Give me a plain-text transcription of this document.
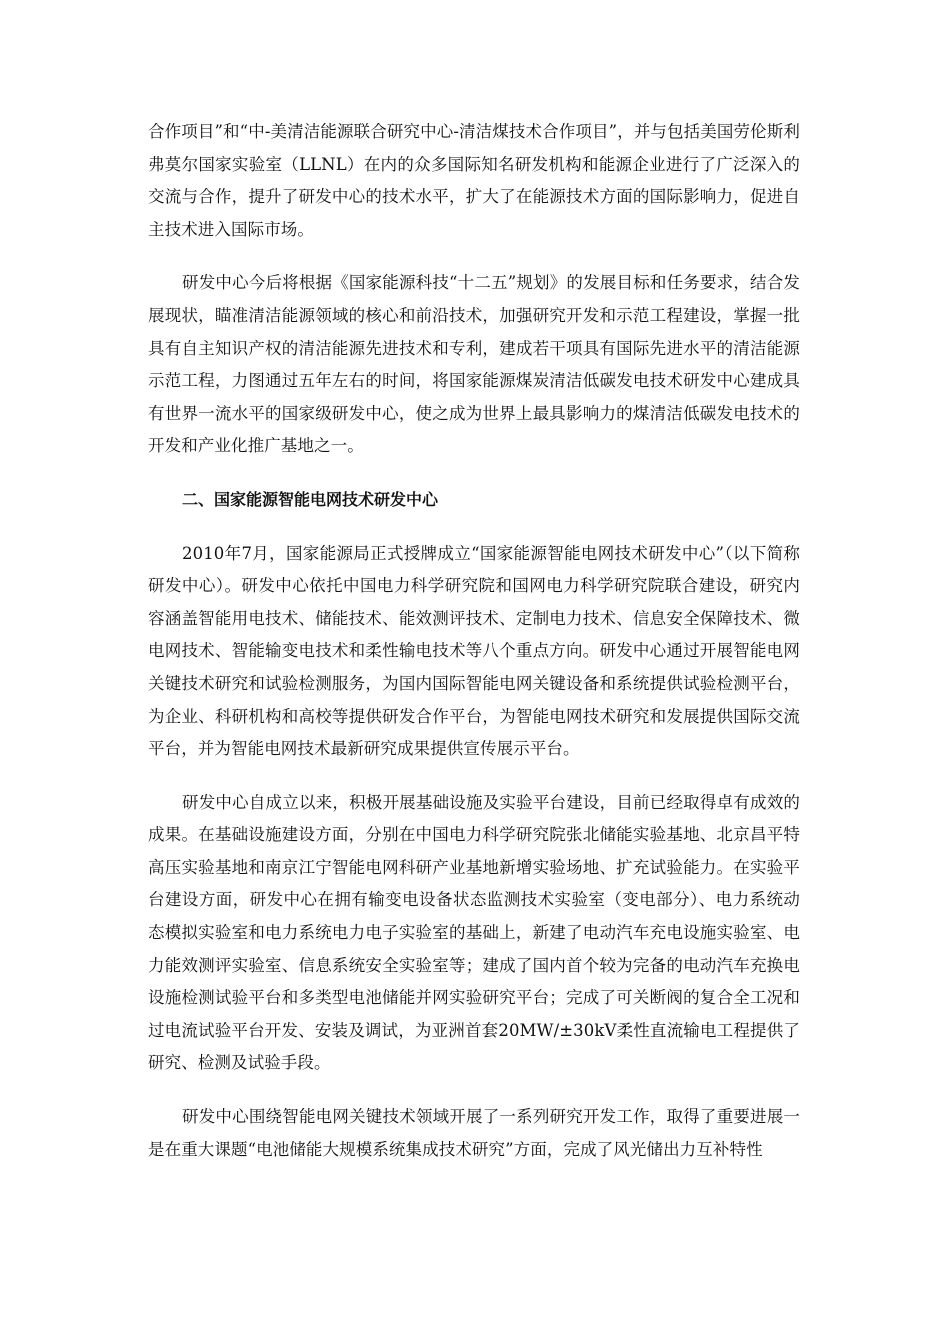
合作项目”和“中-美清洁能源联合研究中心-清洁煤技术合作项目”，并与包括美国劳伦斯利弗莫尔国家实验室（LLNL）在内的众多国际知名研发机构和能源企业进行了广泛深入的交流与合作，提升了研发中心的技术水平，扩大了在能源技术方面的国际影响力，促进自主技术进入国际市场。

研发中心今后将根据《国家能源科技“十二五”规划》的发展目标和任务要求，结合发展现状，瞄准清洁能源领域的核心和前沿技术，加强研究开发和示范工程建设，掌握一批具有自主知识产权的清洁能源先进技术和专利，建成若干项具有国际先进水平的清洁能源示范工程，力图通过五年左右的时间，将国家能源煤炭清洁低碳发电技术研发中心建成具有世界一流水平的国家级研发中心，使之成为世界上最具影响力的煤清洁低碳发电技术的开发和产业化推广基地之一。

二、国家能源智能电网技术研发中心

2010年7月，国家能源局正式授牌成立“国家能源智能电网技术研发中心”（以下简称研发中心）。研发中心依托中国电力科学研究院和国网电力科学研究院联合建设，研究内容涵盖智能用电技术、储能技术、能效测评技术、定制电力技术、信息安全保障技术、微电网技术、智能输变电技术和柔性输电技术等八个重点方向。研发中心通过开展智能电网关键技术研究和试验检测服务，为国内国际智能电网关键设备和系统提供试验检测平台，为企业、科研机构和高校等提供研发合作平台，为智能电网技术研究和发展提供国际交流平台，并为智能电网技术最新研究成果提供宣传展示平台。

研发中心自成立以来，积极开展基础设施及实验平台建设，目前已经取得卓有成效的成果。在基础设施建设方面，分别在中国电力科学研究院张北储能实验基地、北京昌平特高压实验基地和南京江宁智能电网科研产业基地新增实验场地、扩充试验能力。在实验平台建设方面，研发中心在拥有输变电设备状态监测技术实验室（变电部分）、电力系统动态模拟实验室和电力系统电力电子实验室的基础上，新建了电动汽车充电设施实验室、电力能效测评实验室、信息系统安全实验室等；建成了国内首个较为完备的电动汽车充换电设施检测试验平台和多类型电池储能并网实验研究平台；完成了可关断阀的复合全工况和过电流试验平台开发、安装及调试，为亚洲首套20MW/±30kV柔性直流输电工程提供了研究、检测及试验手段。

研发中心围绕智能电网关键技术领域开展了一系列研究开发工作，取得了重要进展一是在重大课题“电池储能大规模系统集成技术研究”方面，完成了风光储出力互补特性
